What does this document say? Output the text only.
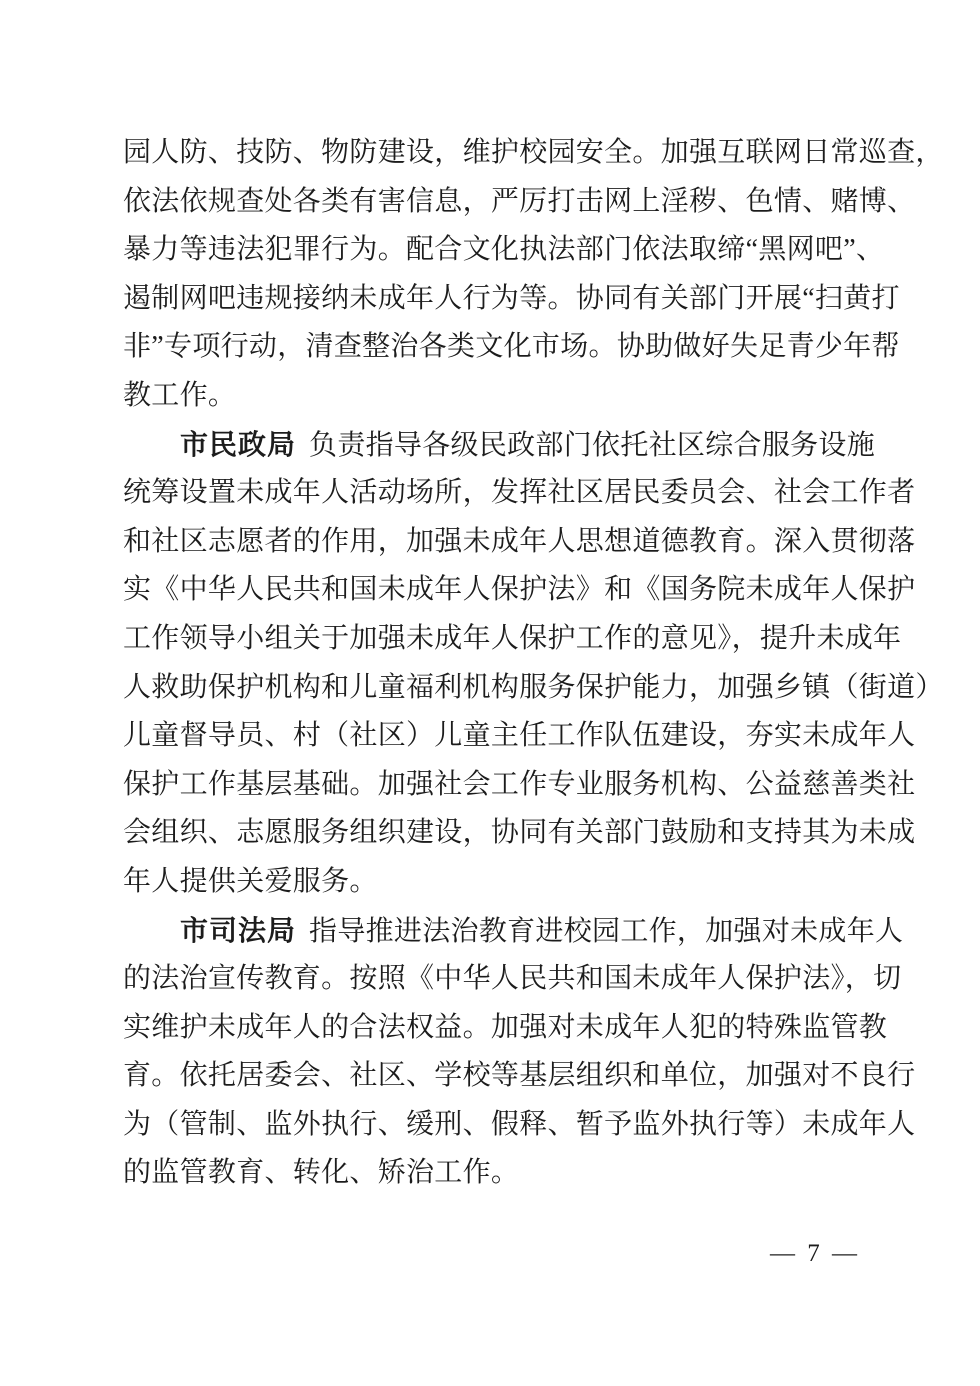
园人防、技防、物防建设，维护校园安全。加强互联网日常巡查，
依法依规查处各类有害信息，严厉打击网上淫秽、色情、赌博、
暴力等违法犯罪行为。配合文化执法部门依法取缔“黑网吧”、
遏制网吧违规接纳未成年人行为等。协同有关部门开展“扫黄打
非”专项行动，清查整治各类文化市场。协助做好失足青少年帮
教工作。
市民政局 负责指导各级民政部门依托社区综合服务设施
统筹设置未成年人活动场所，发挥社区居民委员会、社会工作者
和社区志愿者的作用，加强未成年人思想道德教育。深入贯彻落
实《中华人民共和国未成年人保护法》和《国务院未成年人保护
工作领导小组关于加强未成年人保护工作的意见》，提升未成年
人救助保护机构和儿童福利机构服务保护能力，加强乡镇（街道）
儿童督导员、村（社区）儿童主任工作队伍建设，夯实未成年人
保护工作基层基础。加强社会工作专业服务机构、公益慈善类社
会组织、志愿服务组织建设，协同有关部门鼓励和支持其为未成
年人提供关爱服务。
市司法局 指导推进法治教育进校园工作，加强对未成年人
的法治宣传教育。按照《中华人民共和国未成年人保护法》，切
实维护未成年人的合法权益。加强对未成年人犯的特殊监管教
育。依托居委会、社区、学校等基层组织和单位，加强对不良行
为（管制、监外执行、缓刑、假释、暂予监外执行等）未成年人
的监管教育、转化、矫治工作。
— 7 —
